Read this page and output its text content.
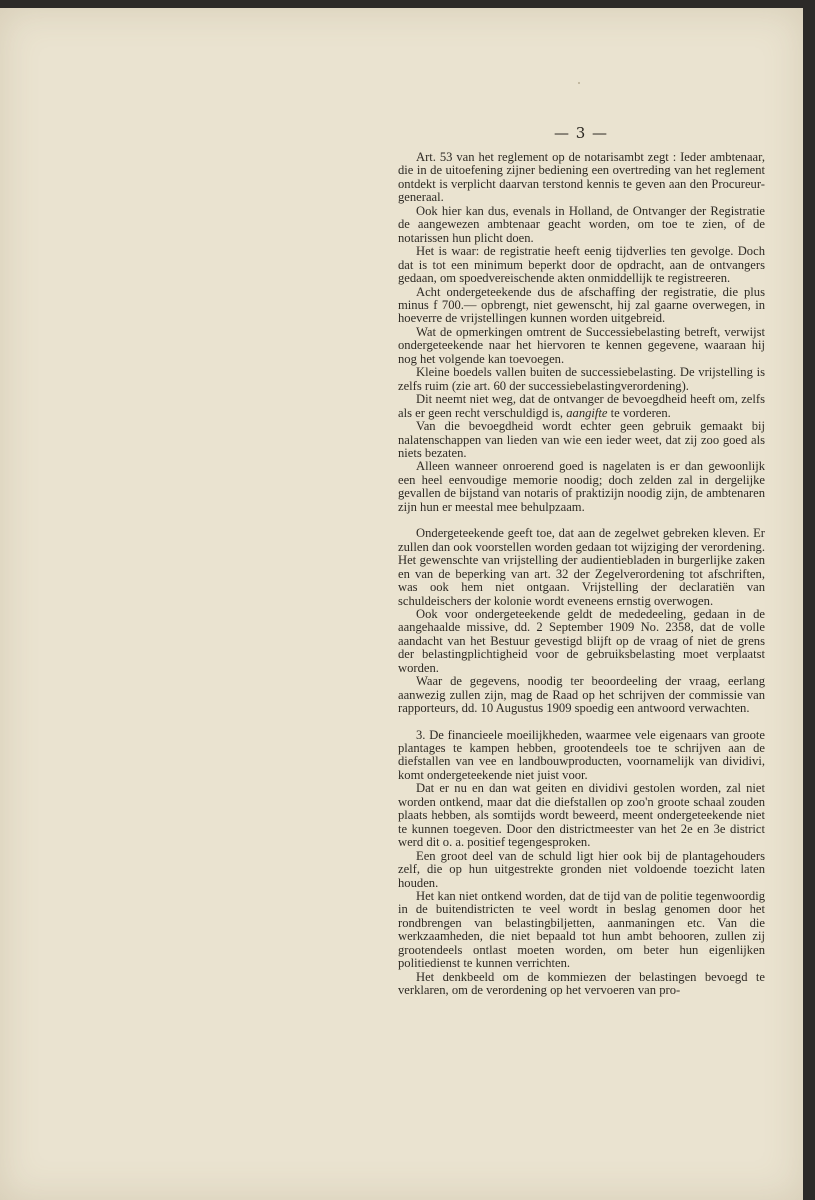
— 3 —

Art. 53 van het reglement op de notarisambt zegt : Ieder ambtenaar, die in de uitoefening zijner bediening een overtreding van het reglement ontdekt is verplicht daarvan terstond kennis te geven aan den Procureur-generaal.

Ook hier kan dus, evenals in Holland, de Ontvanger der Registratie de aangewezen ambtenaar geacht worden, om toe te zien, of de notarissen hun plicht doen.

Het is waar: de registratie heeft eenig tijdverlies ten gevolge. Doch dat is tot een minimum beperkt door de opdracht, aan de ontvangers gedaan, om spoedvereischende akten onmiddellijk te registreeren.

Acht ondergeteekende dus de afschaffing der registratie, die plus minus f 700.— opbrengt, niet gewenscht, hij zal gaarne overwegen, in hoeverre de vrijstellingen kunnen worden uitgebreid.

Wat de opmerkingen omtrent de Successiebelasting betreft, verwijst ondergeteekende naar het hiervoren te kennen gegevene, waaraan hij nog het volgende kan toevoegen.

Kleine boedels vallen buiten de successiebelasting. De vrijstelling is zelfs ruim (zie art. 60 der successiebelastingverordening).

Dit neemt niet weg, dat de ontvanger de bevoegdheid heeft om, zelfs als er geen recht verschuldigd is, aangifte te vorderen.

Van die bevoegdheid wordt echter geen gebruik gemaakt bij nalatenschappen van lieden van wie een ieder weet, dat zij zoo goed als niets bezaten.

Alleen wanneer onroerend goed is nagelaten is er dan gewoonlijk een heel eenvoudige memorie noodig; doch zelden zal in dergelijke gevallen de bijstand van notaris of praktizijn noodig zijn, de ambtenaren zijn hun er meestal mee behulpzaam.

Ondergeteekende geeft toe, dat aan de zegelwet gebreken kleven. Er zullen dan ook voorstellen worden gedaan tot wijziging der verordening. Het gewenschte van vrijstelling der audientiebladen in burgerlijke zaken en van de beperking van art. 32 der Zegelverordening tot afschriften, was ook hem niet ontgaan. Vrijstelling der declaratiën van schuldeischers der kolonie wordt eveneens ernstig overwogen.

Ook voor ondergeteekende geldt de mededeeling, gedaan in de aangehaalde missive, dd. 2 September 1909 No. 2358, dat de volle aandacht van het Bestuur gevestigd blijft op de vraag of niet de grens der belastingplichtigheid voor de gebruiksbelasting moet verplaatst worden.

Waar de gegevens, noodig ter beoordeeling der vraag, eerlang aanwezig zullen zijn, mag de Raad op het schrijven der commissie van rapporteurs, dd. 10 Augustus 1909 spoedig een antwoord verwachten.

3. De financieele moeilijkheden, waarmee vele eigenaars van groote plantages te kampen hebben, grootendeels toe te schrijven aan de diefstallen van vee en landbouwproducten, voornamelijk van dividivi, komt ondergeteekende niet juist voor.

Dat er nu en dan wat geiten en dividivi gestolen worden, zal niet worden ontkend, maar dat die diefstallen op zoo'n groote schaal zouden plaats hebben, als somtijds wordt beweerd, meent ondergeteekende niet te kunnen toegeven. Door den districtmeester van het 2e en 3e district werd dit o. a. positief tegengesproken.

Een groot deel van de schuld ligt hier ook bij de plantagehouders zelf, die op hun uitgestrekte gronden niet voldoende toezicht laten houden.

Het kan niet ontkend worden, dat de tijd van de politie tegenwoordig in de buitendistricten te veel wordt in beslag genomen door het rondbrengen van belastingbiljetten, aanmaningen etc. Van die werkzaamheden, die niet bepaald tot hun ambt behooren, zullen zij grootendeels ontlast moeten worden, om beter hun eigenlijken politiedienst te kunnen verrichten.

Het denkbeeld om de kommiezen der belastingen bevoegd te verklaren, om de verordening op het vervoeren van pro-
